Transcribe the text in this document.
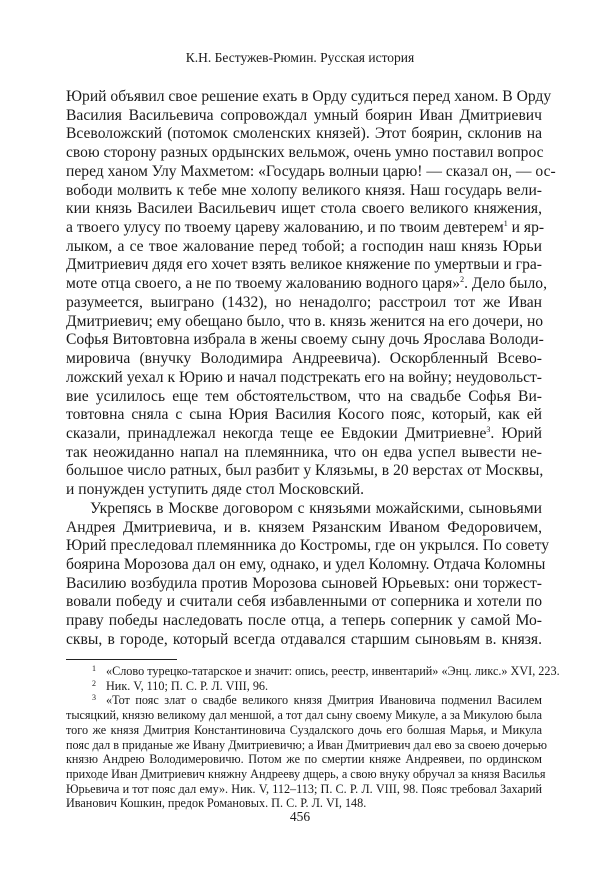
К.Н. Бестужев-Рюмин. Русская история
Юрий объявил свое решение ехать в Орду судиться перед ханом. В Орду
Василия Васильевича сопровождал умный боярин Иван Дмитриевич
Всеволожский (потомок смоленских князей). Этот боярин, склонив на
свою сторону разных ордынских вельмож, очень умно поставил вопрос
перед ханом Улу Махметом: «Государь волныи царю! — сказал он, — ос-
вободи молвить к тебе мне холопу великого князя. Наш государь вели-
кии князь Василеи Васильевич ищет стола своего великого княжения,
а твоего улусу по твоему цареву жалованию, и по твоим девтерем$^1$ и яр-
лыком, а се твое жалование перед тобой; а господин наш князь Юрьи
Дмитриевич дядя его хочет взять великое княжение по умертвыи и гра-
моте отца своего, а не по твоему жалованию водного царя»$^2$. Дело было,
разумеется, выиграно (1432), но ненадолго; расстроил тот же Иван
Дмитриевич; ему обещано было, что в. князь женится на его дочери, но
Софья Витовтовна избрала в жены своему сыну дочь Ярослава Володи-
мировича (внучку Володимира Андреевича). Оскорбленный Всево-
ложский уехал к Юрию и начал подстрекать его на войну; неудовольст-
вие усилилось еще тем обстоятельством, что на свадьбе Софья Ви-
товтовна сняла с сына Юрия Василия Косого пояс, который, как ей
сказали, принадлежал некогда теще ее Евдокии Дмитриевне$^3$. Юрий
так неожиданно напал на племянника, что он едва успел вывести не-
большое число ратных, был разбит у Клязьмы, в 20 верстах от Москвы,
и понужден уступить дяде стол Московский.
Укрепясь в Москве договором с князьями можайскими, сыновьями
Андрея Дмитриевича, и в. князем Рязанским Иваном Федоровичем,
Юрий преследовал племянника до Костромы, где он укрылся. По совету
боярина Морозова дал он ему, однако, и удел Коломну. Отдача Коломны
Василию возбудила против Морозова сыновей Юрьевых: они торжест-
вовали победу и считали себя избавленными от соперника и хотели по
праву победы наследовать после отца, а теперь соперник у самой Мо-
сквы, в городе, который всегда отдавался старшим сыновьям в. князя.
1 «Слово турецко-татарское и значит: опись, реестр, инвентарий» «Энц. ликс.» XVI, 223.
2 Ник. V, 110; П. С. Р. Л. VIII, 96.
3 «Тот пояс злат о свадбе великого князя Дмитрия Ивановича подменил Василем
тысяцкий, князю великому дал меншой, а тот дал сыну своему Микуле, а за Микулою была
того же князя Дмитрия Константиновича Суздалского дочь его болшая Марья, и Микула
пояс дал в приданые же Ивану Дмитриевичю; а Иван Дмитриевич дал ево за своею дочерью
князю Андрею Володимеровичю. Потом же по смертии княже Андреявеи, по ординском
приходе Иван Дмитриевич княжну Андрееву дщерь, а свою внуку обручал за князя Василья
Юрьевича и тот пояс дал ему». Ник. V, 112–113; П. С. Р. Л. VIII, 98. Пояс требовал Захарий
Иванович Кошкин, предок Романовых. П. С. Р. Л. VI, 148.
456
